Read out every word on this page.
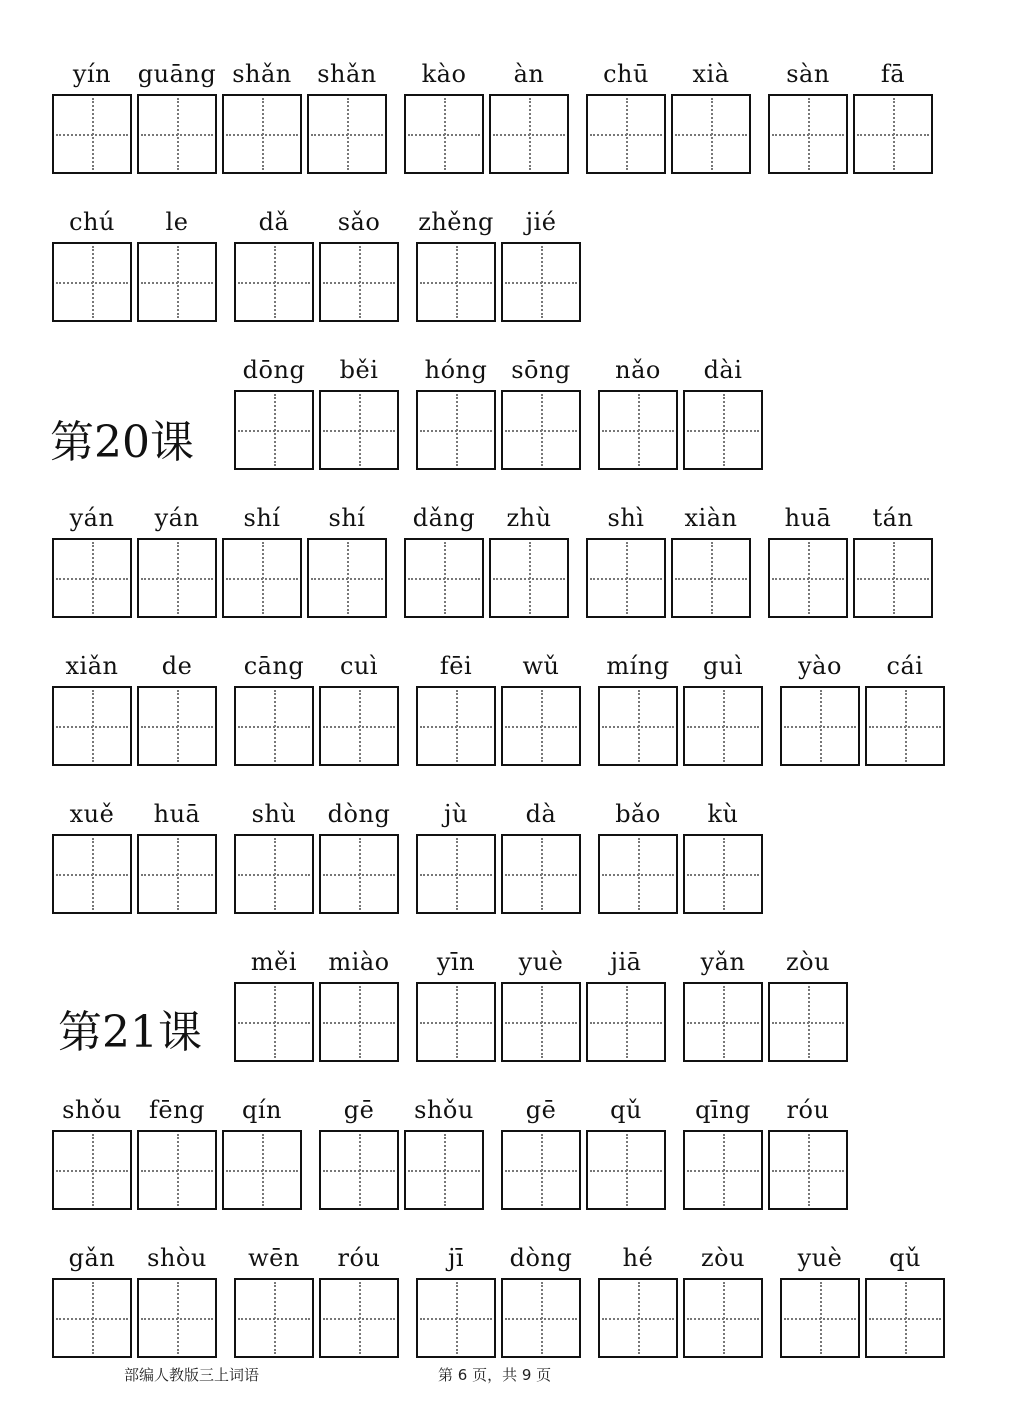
yín	guāng shǎn	shǎn	kào	àn	chū	xià	sàn	fā
chú	le	dǎ	sǎo	zhěng	jié
第20课
dōng	běi	hóng sōng	nǎo	dài
yán	yán	shí	shí	dǎng	zhù	shì	xiàn	huā	tán
xiǎn	de	cāng	cuì	fēi	wǔ	míng	guì	yào	cái
xuě	huā	shù	dòng	jù	dà	bǎo	kù
第21课
měi	miào	yīn	yuè	jiā	yǎn	zòu
shǒu	fēng	qín	gē	shǒu	gē	qǔ	qīng	róu
gǎn	shòu	wēn	róu	jī	dòng	hé	zòu	yuè	qǔ
部编人教版三上词语	第 6 页，共 9 页
